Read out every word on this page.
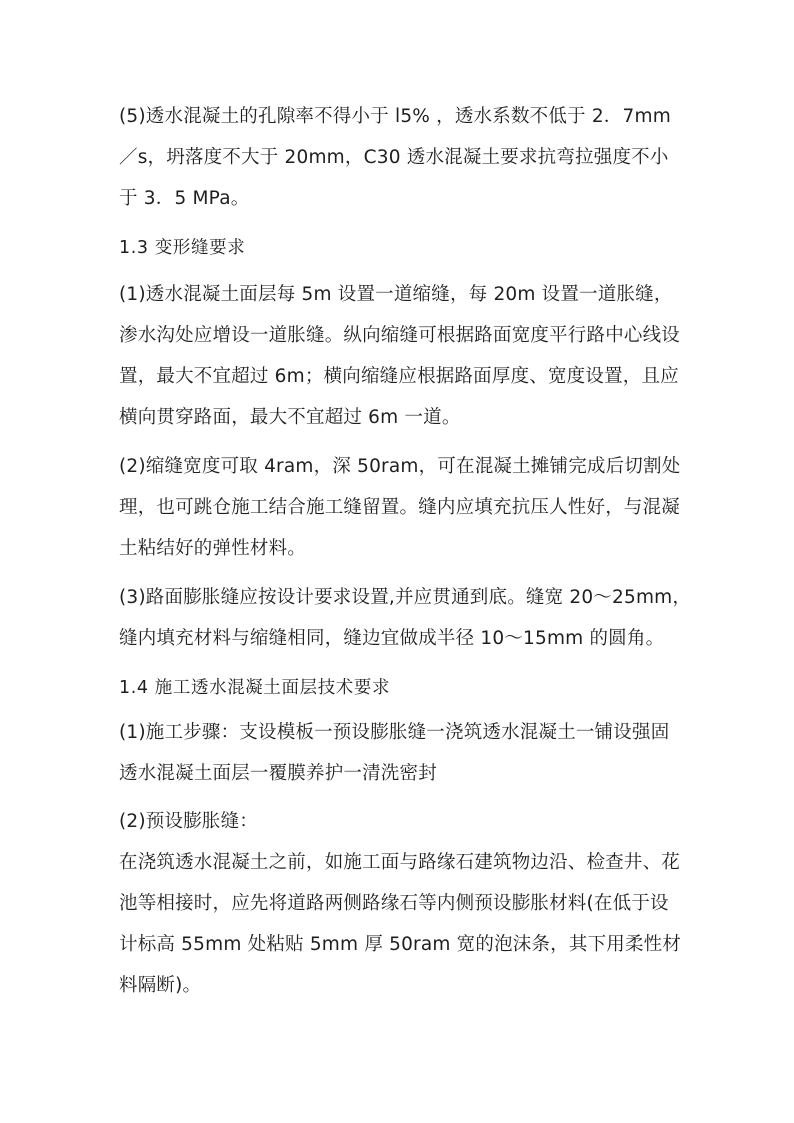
(5)透水混凝土的孔隙率不得小于 l5% ，透水系数不低于 2．7mm
／s，坍落度不大于 20mm，C30 透水混凝土要求抗弯拉强度不小
于 3．5 MPa。
1.3 变形缝要求
(1)透水混凝土面层每 5m 设置一道缩缝，每 20m 设置一道胀缝，
渗水沟处应增设一道胀缝。纵向缩缝可根据路面宽度平行路中心线设
置，最大不宜超过 6m；横向缩缝应根据路面厚度、宽度设置，且应
横向贯穿路面，最大不宜超过 6m 一道。
(2)缩缝宽度可取 4ram，深 50ram，可在混凝土摊铺完成后切割处
理，也可跳仓施工结合施工缝留置。缝内应填充抗压人性好，与混凝
土粘结好的弹性材料。
(3)路面膨胀缝应按设计要求设置,并应贯通到底。缝宽 20～25mm，
缝内填充材料与缩缝相同，缝边宜做成半径 10～15mm 的圆角。
1.4 施工透水混凝土面层技术要求
(1)施工步骤：支设模板一预设膨胀缝一浇筑透水混凝土一铺设强固
透水混凝土面层一覆膜养护一清洗密封
(2)预设膨胀缝：
在浇筑透水混凝土之前，如施工面与路缘石建筑物边沿、检查井、花
池等相接时，应先将道路两侧路缘石等内侧预设膨胀材料(在低于设
计标高 55mm 处粘贴 5mm 厚 50ram 宽的泡沫条，其下用柔性材
料隔断)。
